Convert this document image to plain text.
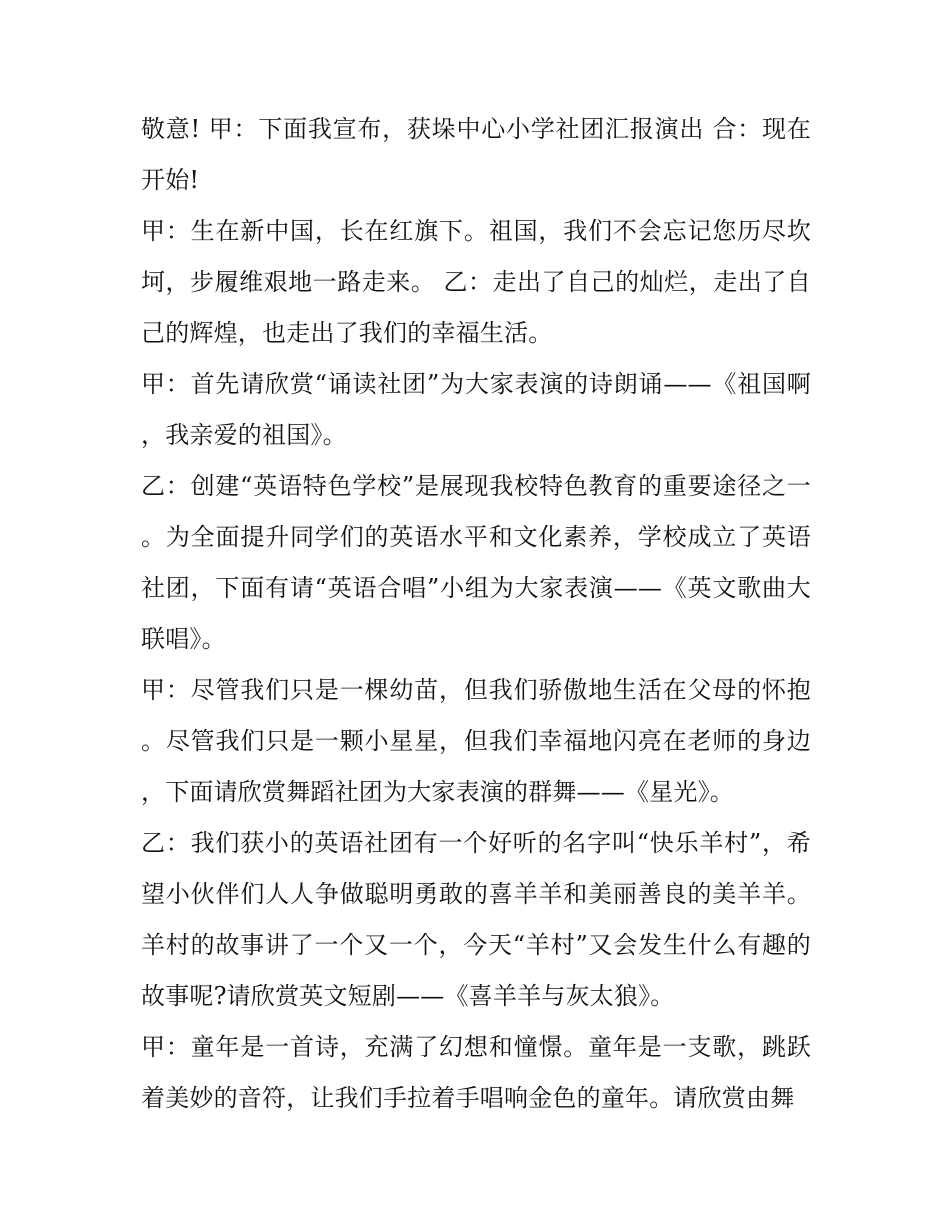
敬意! 甲：下面我宣布，获垛中心小学社团汇报演出 合：现在开始!

甲：生在新中国，长在红旗下。祖国，我们不会忘记您历尽坎坷，步履维艰地一路走来。 乙：走出了自己的灿烂，走出了自己的辉煌，也走出了我们的幸福生活。

甲：首先请欣赏“诵读社团”为大家表演的诗朗诵——《祖国啊，我亲爱的祖国》。

乙：创建“英语特色学校”是展现我校特色教育的重要途径之一。为全面提升同学们的英语水平和文化素养，学校成立了英语社团，下面有请“英语合唱”小组为大家表演——《英文歌曲大联唱》。

甲：尽管我们只是一棵幼苗，但我们骄傲地生活在父母的怀抱。尽管我们只是一颗小星星，但我们幸福地闪亮在老师的身边，下面请欣赏舞蹈社团为大家表演的群舞——《星光》。

乙：我们获小的英语社团有一个好听的名字叫“快乐羊村”，希望小伙伴们人人争做聪明勇敢的喜羊羊和美丽善良的美羊羊。羊村的故事讲了一个又一个，今天“羊村”又会发生什么有趣的故事呢?请欣赏英文短剧——《喜羊羊与灰太狼》。

甲：童年是一首诗，充满了幻想和憧憬。童年是一支歌，跳跃着美妙的音符，让我们手拉着手唱响金色的童年。请欣赏由舞
